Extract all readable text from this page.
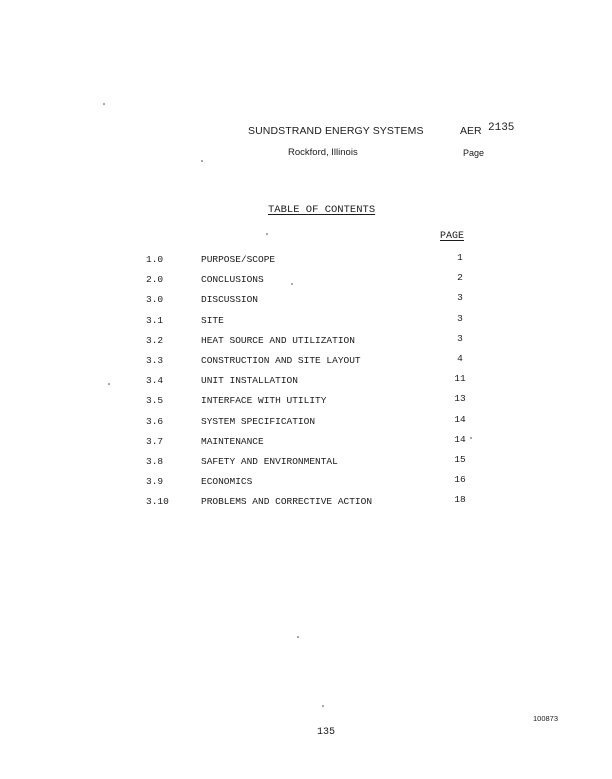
SUNDSTRAND ENERGY SYSTEMS
Rockford, Illinois
AER 2135
Page
TABLE OF CONTENTS
PAGE
1.0	PURPOSE/SCOPE	1
2.0	CONCLUSIONS	2
3.0	DISCUSSION	3
3.1	SITE	3
3.2	HEAT SOURCE AND UTILIZATION	3
3.3	CONSTRUCTION AND SITE LAYOUT	4
3.4	UNIT INSTALLATION	11
3.5	INTERFACE WITH UTILITY	13
3.6	SYSTEM SPECIFICATION	14
3.7	MAINTENANCE	14
3.8	SAFETY AND ENVIRONMENTAL	15
3.9	ECONOMICS	16
3.10	PROBLEMS AND CORRECTIVE ACTION	18
100873
135
